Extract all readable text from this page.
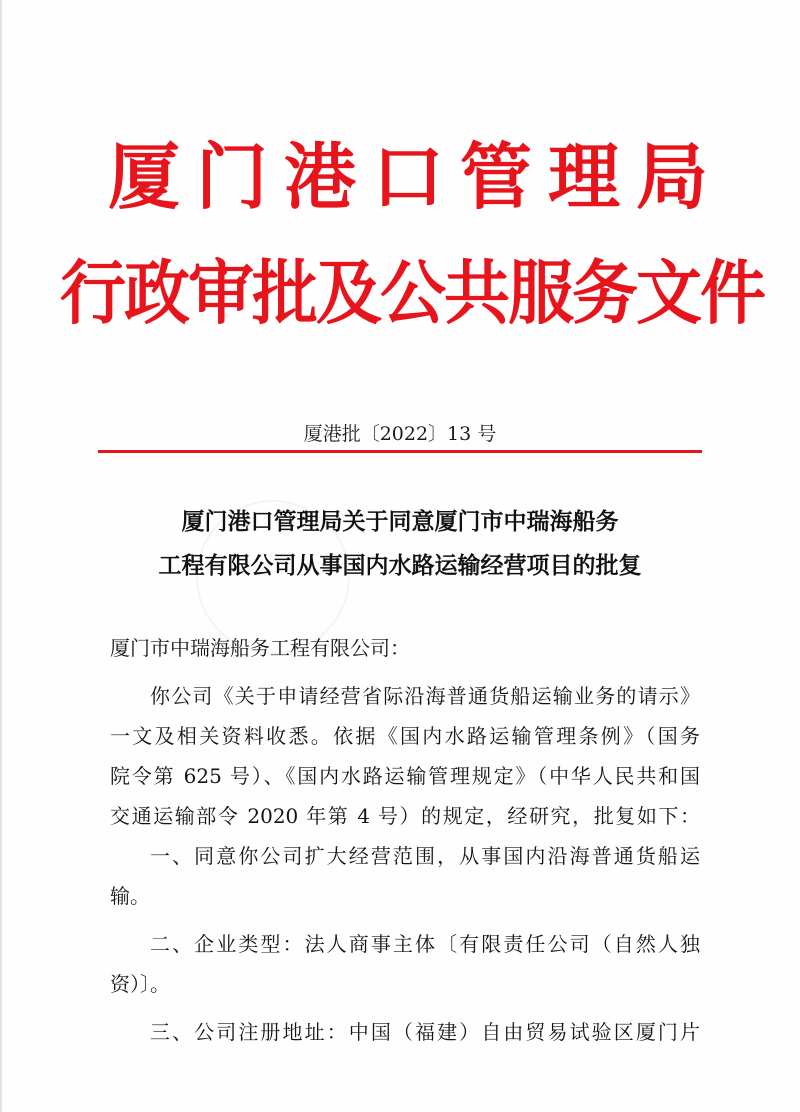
厦门港口管理局
行政审批及公共服务文件
厦港批〔2022〕13 号
厦门港口管理局关于同意厦门市中瑞海船务
工程有限公司从事国内水路运输经营项目的批复
厦门市中瑞海船务工程有限公司：
你公司《关于申请经营省际沿海普通货船运输业务的请示》
一文及相关资料收悉。依据《国内水路运输管理条例》（国务
院令第 625 号）、《国内水路运输管理规定》（中华人民共和国
交通运输部令 2020 年第 4 号）的规定，经研究，批复如下：
一、同意你公司扩大经营范围，从事国内沿海普通货船运
输。
二、企业类型：法人商事主体〔有限责任公司（自然人独
资）〕。
三、公司注册地址：中国（福建）自由贸易试验区厦门片
